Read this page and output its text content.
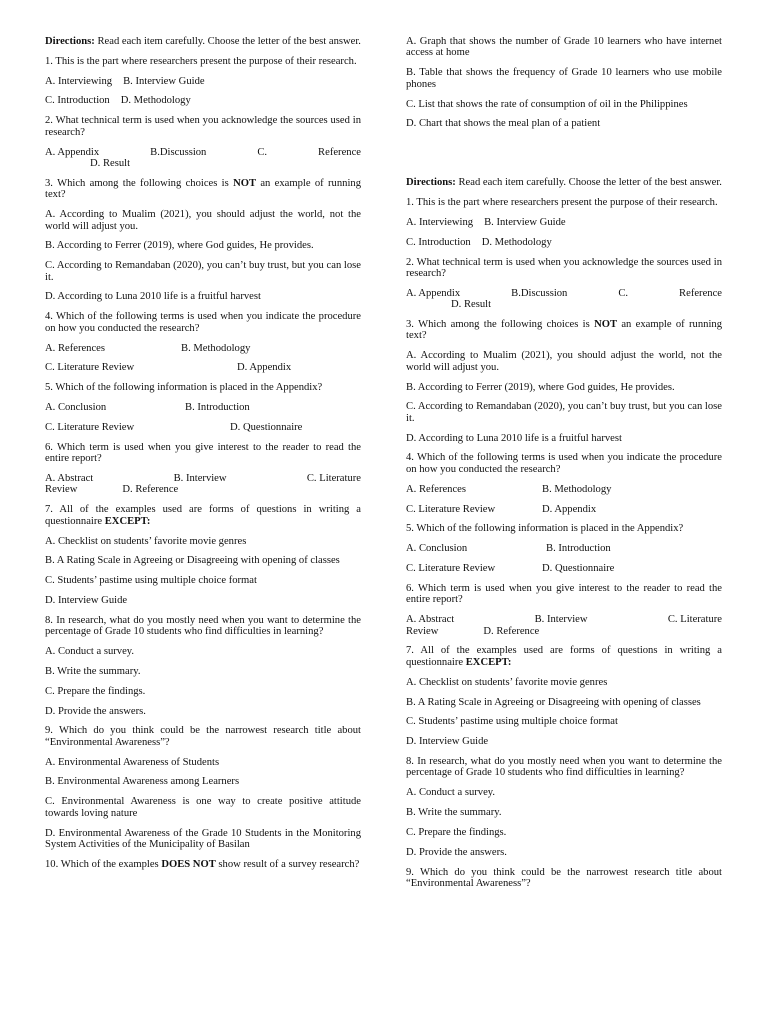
Directions: Read each item carefully. Choose the letter of the best answer.

1. This is the part where researchers present the purpose of their research.

A. Interviewing B. Interview Guide
C. Introduction D. Methodology

2. What technical term is used when you acknowledge the sources used in research?

A. Appendix	B.Discussion	C.	Reference
D. Result

3. Which among the following choices is NOT an example of running text?

A. According to Mualim (2021), you should adjust the world, not the world will adjust you.

B. According to Ferrer (2019), where God guides, He provides.

C. According to Remandaban (2020), you can’t buy trust, but you can lose it.

D. According to Luna 2010 life is a fruitful harvest

4. Which of the following terms is used when you indicate the procedure on how you conducted the research?

A. References	B. Methodology
C. Literature Review	D. Appendix

5. Which of the following information is placed in the Appendix?

A. Conclusion	B. Introduction
C. Literature Review	D. Questionnaire

6. Which term is used when you give interest to the reader to read the entire report?

A. Abstract	B. Interview	C. Literature
Review	D. Reference

7. All of the examples used are forms of questions in writing a questionnaire EXCEPT:

A. Checklist on students’ favorite movie genres

B. A Rating Scale in Agreeing or Disagreeing with opening of classes

C. Students’ pastime using multiple choice format

D. Interview Guide

8. In research, what do you mostly need when you want to determine the percentage of Grade 10 students who find difficulties in learning?

A. Conduct a survey.

B. Write the summary.

C. Prepare the findings.

D. Provide the answers.

9. Which do you think could be the narrowest research title about “Environmental Awareness”?

A. Environmental Awareness of Students

B. Environmental Awareness among Learners

C. Environmental Awareness is one way to create positive attitude towards loving nature

D. Environmental Awareness of the Grade 10 Students in the Monitoring System Activities of the Municipality of Basilan

10. Which of the examples DOES NOT show result of a survey research?

A. Graph that shows the number of Grade 10 learners who have internet access at home

B. Table that shows the frequency of Grade 10 learners who use mobile phones

C. List that shows the rate of consumption of oil in the Philippines

D. Chart that shows the meal plan of a patient

Directions: Read each item carefully. Choose the letter of the best answer.

1. This is the part where researchers present the purpose of their research.

A. Interviewing B. Interview Guide
C. Introduction D. Methodology

2. What technical term is used when you acknowledge the sources used in research?

A. Appendix	B.Discussion	C.	Reference
D. Result

3. Which among the following choices is NOT an example of running text?

A. According to Mualim (2021), you should adjust the world, not the world will adjust you.

B. According to Ferrer (2019), where God guides, He provides.

C. According to Remandaban (2020), you can’t buy trust, but you can lose it.

D. According to Luna 2010 life is a fruitful harvest

4. Which of the following terms is used when you indicate the procedure on how you conducted the research?

A. References	B. Methodology
C. Literature Review	D. Appendix

5. Which of the following information is placed in the Appendix?

A. Conclusion	B. Introduction
C. Literature Review	D. Questionnaire

6. Which term is used when you give interest to the reader to read the entire report?

A. Abstract	B. Interview	C. Literature
Review	D. Reference

7. All of the examples used are forms of questions in writing a questionnaire EXCEPT:

A. Checklist on students’ favorite movie genres

B. A Rating Scale in Agreeing or Disagreeing with opening of classes

C. Students’ pastime using multiple choice format

D. Interview Guide

8. In research, what do you mostly need when you want to determine the percentage of Grade 10 students who find difficulties in learning?

A. Conduct a survey.

B. Write the summary.

C. Prepare the findings.

D. Provide the answers.

9. Which do you think could be the narrowest research title about “Environmental Awareness”?
